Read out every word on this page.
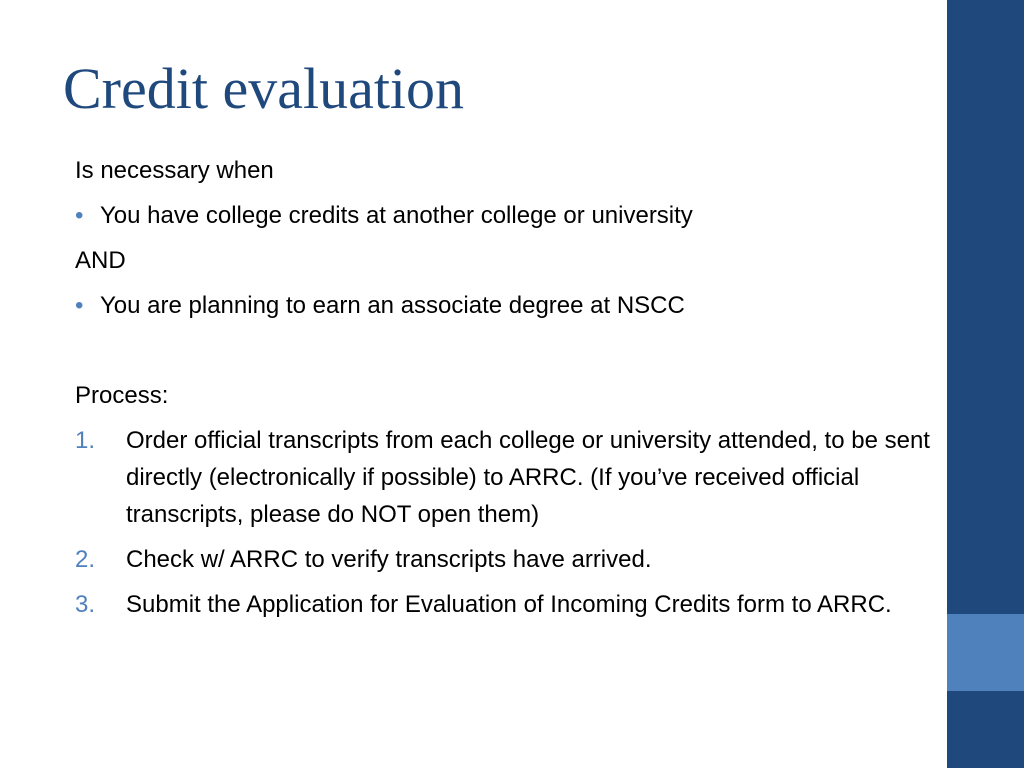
Credit evaluation

Is necessary when

• You have college credits at another college or university

AND

• You are planning to earn an associate degree at NSCC

Process:

1. Order official transcripts from each college or university attended, to be sent directly (electronically if possible) to ARRC. (If you’ve received official transcripts, please do NOT open them)
2. Check w/ ARRC to verify transcripts have arrived.
3. Submit the Application for Evaluation of Incoming Credits form to ARRC.
